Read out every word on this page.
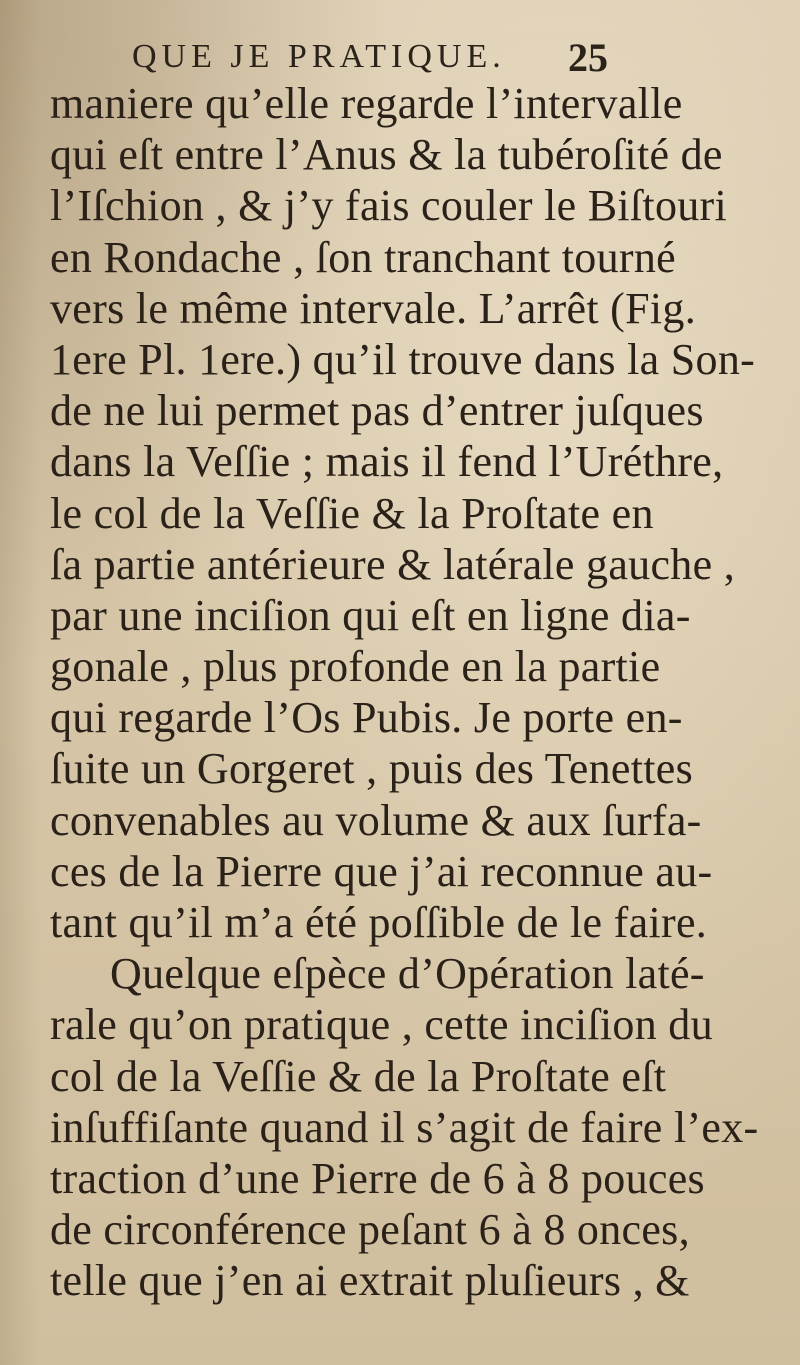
QUE JE PRATIQUE.	25
maniere qu’elle regarde l’intervalle
qui eſt entre l’Anus & la tubéroſité de
l’Iſchion , & j’y fais couler le Biſtouri
en Rondache , ſon tranchant tourné
vers le même intervale. L’arrêt (Fig.
1ere Pl. 1ere.) qu’il trouve dans la Son-
de ne lui permet pas d’entrer juſques
dans la Veſſie ; mais il fend l’Uréthre,
le col de la Veſſie & la Proſtate en
ſa partie antérieure & latérale gauche ,
par une inciſion qui eſt en ligne dia-
gonale , plus profonde en la partie
qui regarde l’Os Pubis. Je porte en-
ſuite un Gorgeret , puis des Tenettes
convenables au volume & aux ſurfa-
ces de la Pierre que j’ai reconnue au-
tant qu’il m’a été poſſible de le faire.
Quelque eſpèce d’Opération laté-
rale qu’on pratique , cette inciſion du
col de la Veſſie & de la Proſtate eſt
inſuffiſante quand il s’agit de faire l’ex-
traction d’une Pierre de 6 à 8 pouces
de circonférence peſant 6 à 8 onces,
telle que j’en ai extrait pluſieurs , &
